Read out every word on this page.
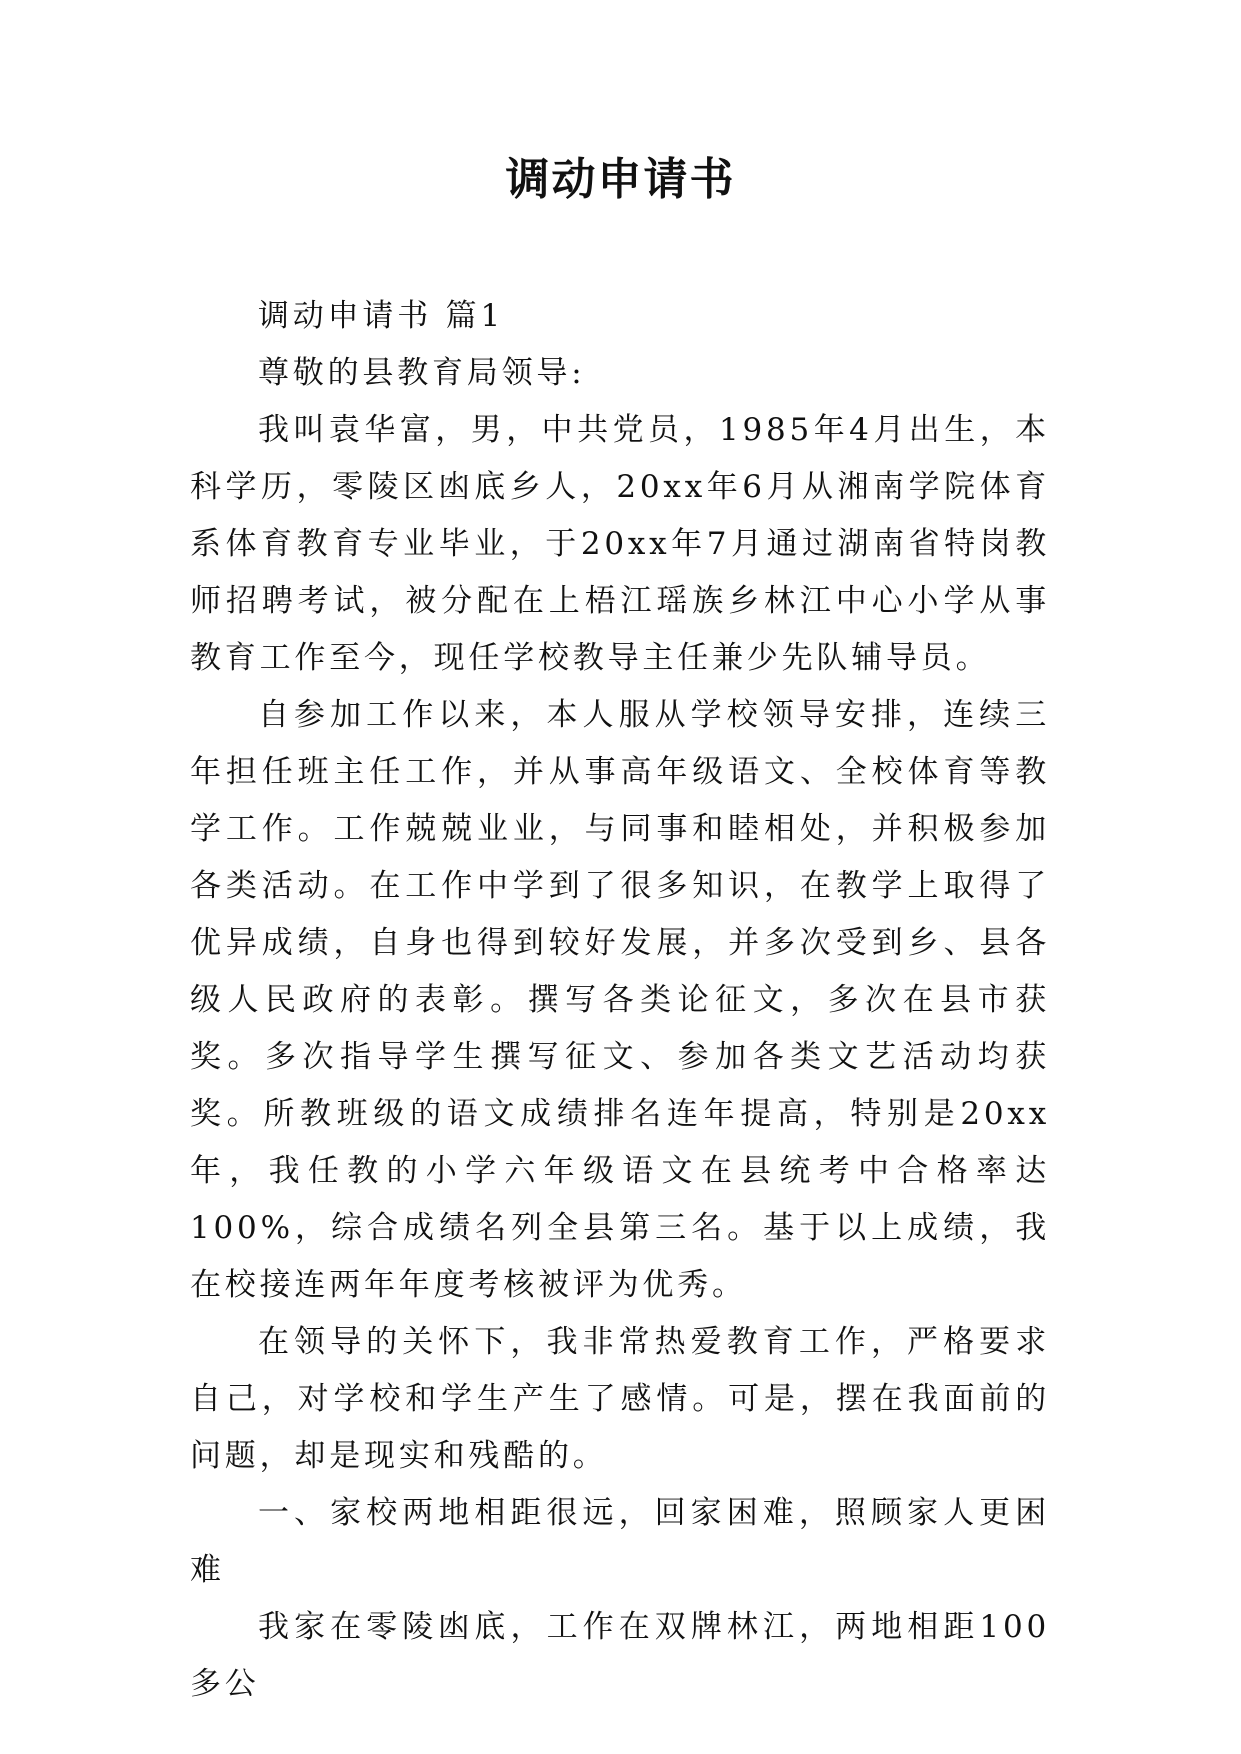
调动申请书

调动申请书 篇1

尊敬的县教育局领导:

我叫袁华富，男，中共党员，1985年4月出生，本科学历，零陵区凼底乡人，20xx年6月从湘南学院体育系体育教育专业毕业，于20xx年7月通过湖南省特岗教师招聘考试，被分配在上梧江瑶族乡林江中心小学从事教育工作至今，现任学校教导主任兼少先队辅导员。

自参加工作以来，本人服从学校领导安排，连续三年担任班主任工作，并从事高年级语文、全校体育等教学工作。工作兢兢业业，与同事和睦相处，并积极参加各类活动。在工作中学到了很多知识，在教学上取得了优异成绩，自身也得到较好发展，并多次受到乡、县各级人民政府的表彰。撰写各类论征文，多次在县市获奖。多次指导学生撰写征文、参加各类文艺活动均获奖。所教班级的语文成绩排名连年提高，特别是20xx年，我任教的小学六年级语文在县统考中合格率达100%，综合成绩名列全县第三名。基于以上成绩，我在校接连两年年度考核被评为优秀。

在领导的关怀下，我非常热爱教育工作，严格要求自己，对学校和学生产生了感情。可是，摆在我面前的问题，却是现实和残酷的。

一、家校两地相距很远，回家困难，照顾家人更困难

我家在零陵凼底，工作在双牌林江，两地相距100多公
